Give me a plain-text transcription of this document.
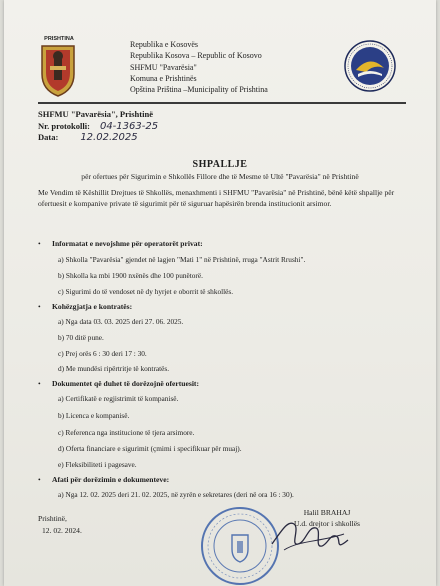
PRISHTINA
Republika e Kosovës
Republika Kosova – Republic of Kosovo
SHFMU "Pavarësia"
Komuna e Prishtinës
Opština Priština –Municipality of Prishtina
SHFMU "Pavarësia", Prishtinë
Nr. protokolli: 04-1363-25
Data: 12.02.2025
SHPALLJE
për ofertues për Sigurimin e Shkollës Fillore dhe të Mesme të Ultë "Pavarësia" në Prishtinë
Me Vendim të Këshillit Drejtues të Shkollës, menaxhmenti i SHFMU "Pavarësia" në Prishtinë, bënë këtë shpallje për ofertuesit e kompanive private të sigurimit për të siguruar hapësirën brenda institucionit arsimor.
• Informatat e nevojshme për operatorët privat:
a) Shkolla "Pavarësia" gjendet në lagjen "Mati 1" në Prishtinë, rruga "Astrit Rrushi".
b) Shkolla ka mbi 1900 nxënës dhe 100 punëtorë.
c) Sigurimi do të vendoset në dy hyrjet e oborrit të shkollës.
• Kohëzgjatja e kontratës:
a) Nga data 03. 03. 2025 deri 27. 06. 2025.
b) 70 ditë pune.
c) Prej orës 6 : 30 deri 17 : 30.
d) Me mundësi ripërtritje të kontratës.
• Dokumentet që duhet të dorëzojnë ofertuesit:
a) Certifikatë e regjistrimit të kompanisë.
b) Licenca e kompanisë.
c) Referenca nga institucione të tjera arsimore.
d) Oferta financiare e sigurimit (çmimi i specifikuar për muaj).
e) Fleksibiliteti i pagesave.
• Afati për dorëzimin e dokumenteve:
a) Nga 12. 02. 2025 deri 21. 02. 2025, në zyrën e sekretares (deri në ora 16 : 30).
Prishtinë,
12. 02. 2024.
Halil BRAHAJ
U.d. drejtor i shkollës
